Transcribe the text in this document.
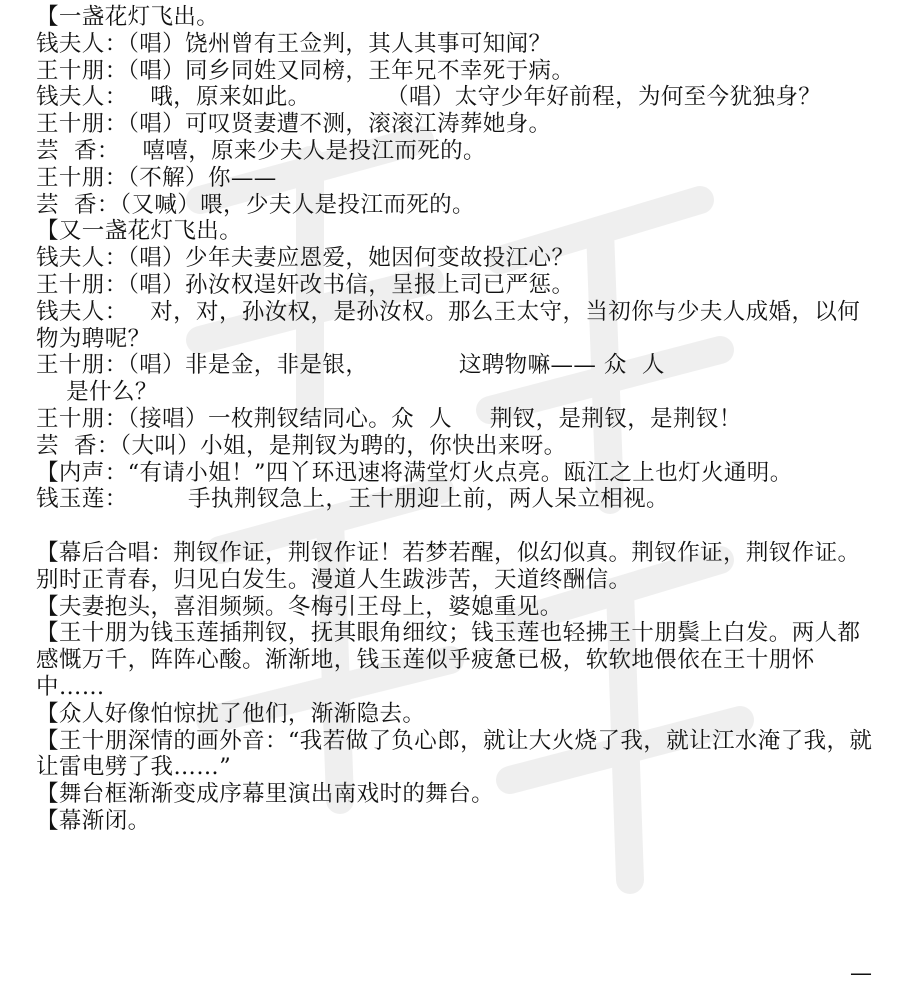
【一盏花灯飞出。
钱夫人：（唱）饶州曾有王佥判，其人其事可知闻？
王十朋：（唱）同乡同姓又同榜，王年兄不幸死于病。
钱夫人：   哦，原来如此。          （唱）太守少年好前程，为何至今犹独身？
王十朋：（唱）可叹贤妻遭不测，滚滚江涛葬她身。
芸  香：   嘻嘻，原来少夫人是投江而死的。
王十朋：（不解）你——
芸  香：（又喊）喂，少夫人是投江而死的。
【又一盏花灯飞出。
钱夫人：（唱）少年夫妻应恩爱，她因何变故投江心？
王十朋：（唱）孙汝权逞奸改书信，呈报上司已严惩。
钱夫人：   对，对，孙汝权，是孙汝权。那么王太守，当初你与少夫人成婚，以何物为聘呢？
王十朋：（唱）非是金，非是银，            这聘物嘛—— 众  人
是什么？
王十朋：（接唱）一枚荆钗结同心。众  人     荆钗，是荆钗，是荆钗！
芸  香：（大叫）小姐，是荆钗为聘的，你快出来呀。
【内声：“有请小姐！”四丫环迅速将满堂灯火点亮。瓯江之上也灯火通明。
钱玉莲：        手执荆钗急上，王十朋迎上前，两人呆立相视。
【幕后合唱：荆钗作证，荆钗作证！若梦若醒，似幻似真。荆钗作证，荆钗作证。别时正青春，归见白发生。漫道人生跋涉苦，天道终酬信。
【夫妻抱头，喜泪频频。冬梅引王母上，婆媳重见。
【王十朋为钱玉莲插荆钗，抚其眼角细纹；钱玉莲也轻拂王十朋鬓上白发。两人都感慨万千，阵阵心酸。渐渐地，钱玉莲似乎疲惫已极，软软地偎依在王十朋怀中……
【众人好像怕惊扰了他们，渐渐隐去。
【王十朋深情的画外音：“我若做了负心郎，就让大火烧了我，就让江水淹了我，就让雷电劈了我……”
【舞台框渐渐变成序幕里演出南戏时的舞台。
【幕渐闭。
—
